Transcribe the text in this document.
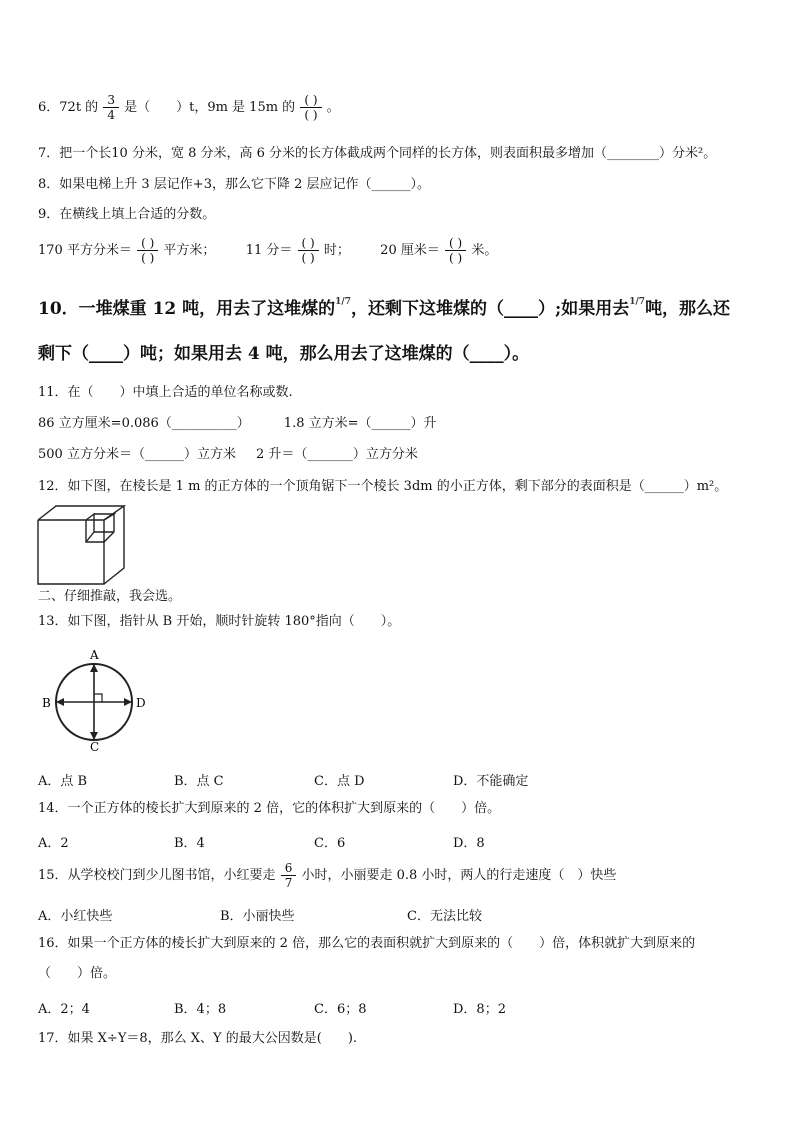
6．72t 的 $\frac{3}{4}$ 是（　　）t，9m 是 15m 的 $\frac{( )}{( )}$ 。
7．把一个长10 分米，宽 8 分米，高 6 分米的长方体截成两个同样的长方体，则表面积最多增加（________）分米²。
8．如果电梯上升 3 层记作+3，那么它下降 2 层应记作（______）。
9．在横线上填上合适的分数。
170 平方分米＝ $\frac{( )}{( )}$ 平方米； 11 分＝ $\frac{( )}{( )}$ 时； 20 厘米＝ $\frac{( )}{( )}$ 米。
10．一堆煤重 12 吨，用去了这堆煤的$^{1/7}$，还剩下这堆煤的（____）;如果用去$^{1/7}$吨，那么还
剩下（____）吨；如果用去 4 吨，那么用去了这堆煤的（____）。
11．在（　　）中填上合适的单位名称或数.
86 立方厘米=0.086（__________）	1.8 立方米=（______）升
500 立方分米＝（______）立方米 2 升＝（_______）立方分米
12．如下图，在棱长是 1 m 的正方体的一个顶角锯下一个棱长 3dm 的小正方体，剩下部分的表面积是（______）m²。
二、仔细推敲，我会选。
13．如下图，指针从 B 开始，顺时针旋转 180°指向（　　）。
A
B
C
D
A．点 B	B．点 C	C．点 D	D．不能确定
14．一个正方体的棱长扩大到原来的 2 倍，它的体积扩大到原来的（　　）倍。
A．2	B．4	C．6	D．8
15．从学校校门到少儿图书馆，小红要走 $\frac{6}{7}$ 小时，小丽要走 0.8 小时，两人的行走速度（　）快些
A．小红快些	B．小丽快些	C．无法比较
16．如果一个正方体的棱长扩大到原来的 2 倍，那么它的表面积就扩大到原来的（　　）倍，体积就扩大到原来的
（　　）倍。
A．2；4	B．4；8	C．6；8	D．8；2
17．如果 X÷Y＝8，那么 X、Y 的最大公因数是(　　).
